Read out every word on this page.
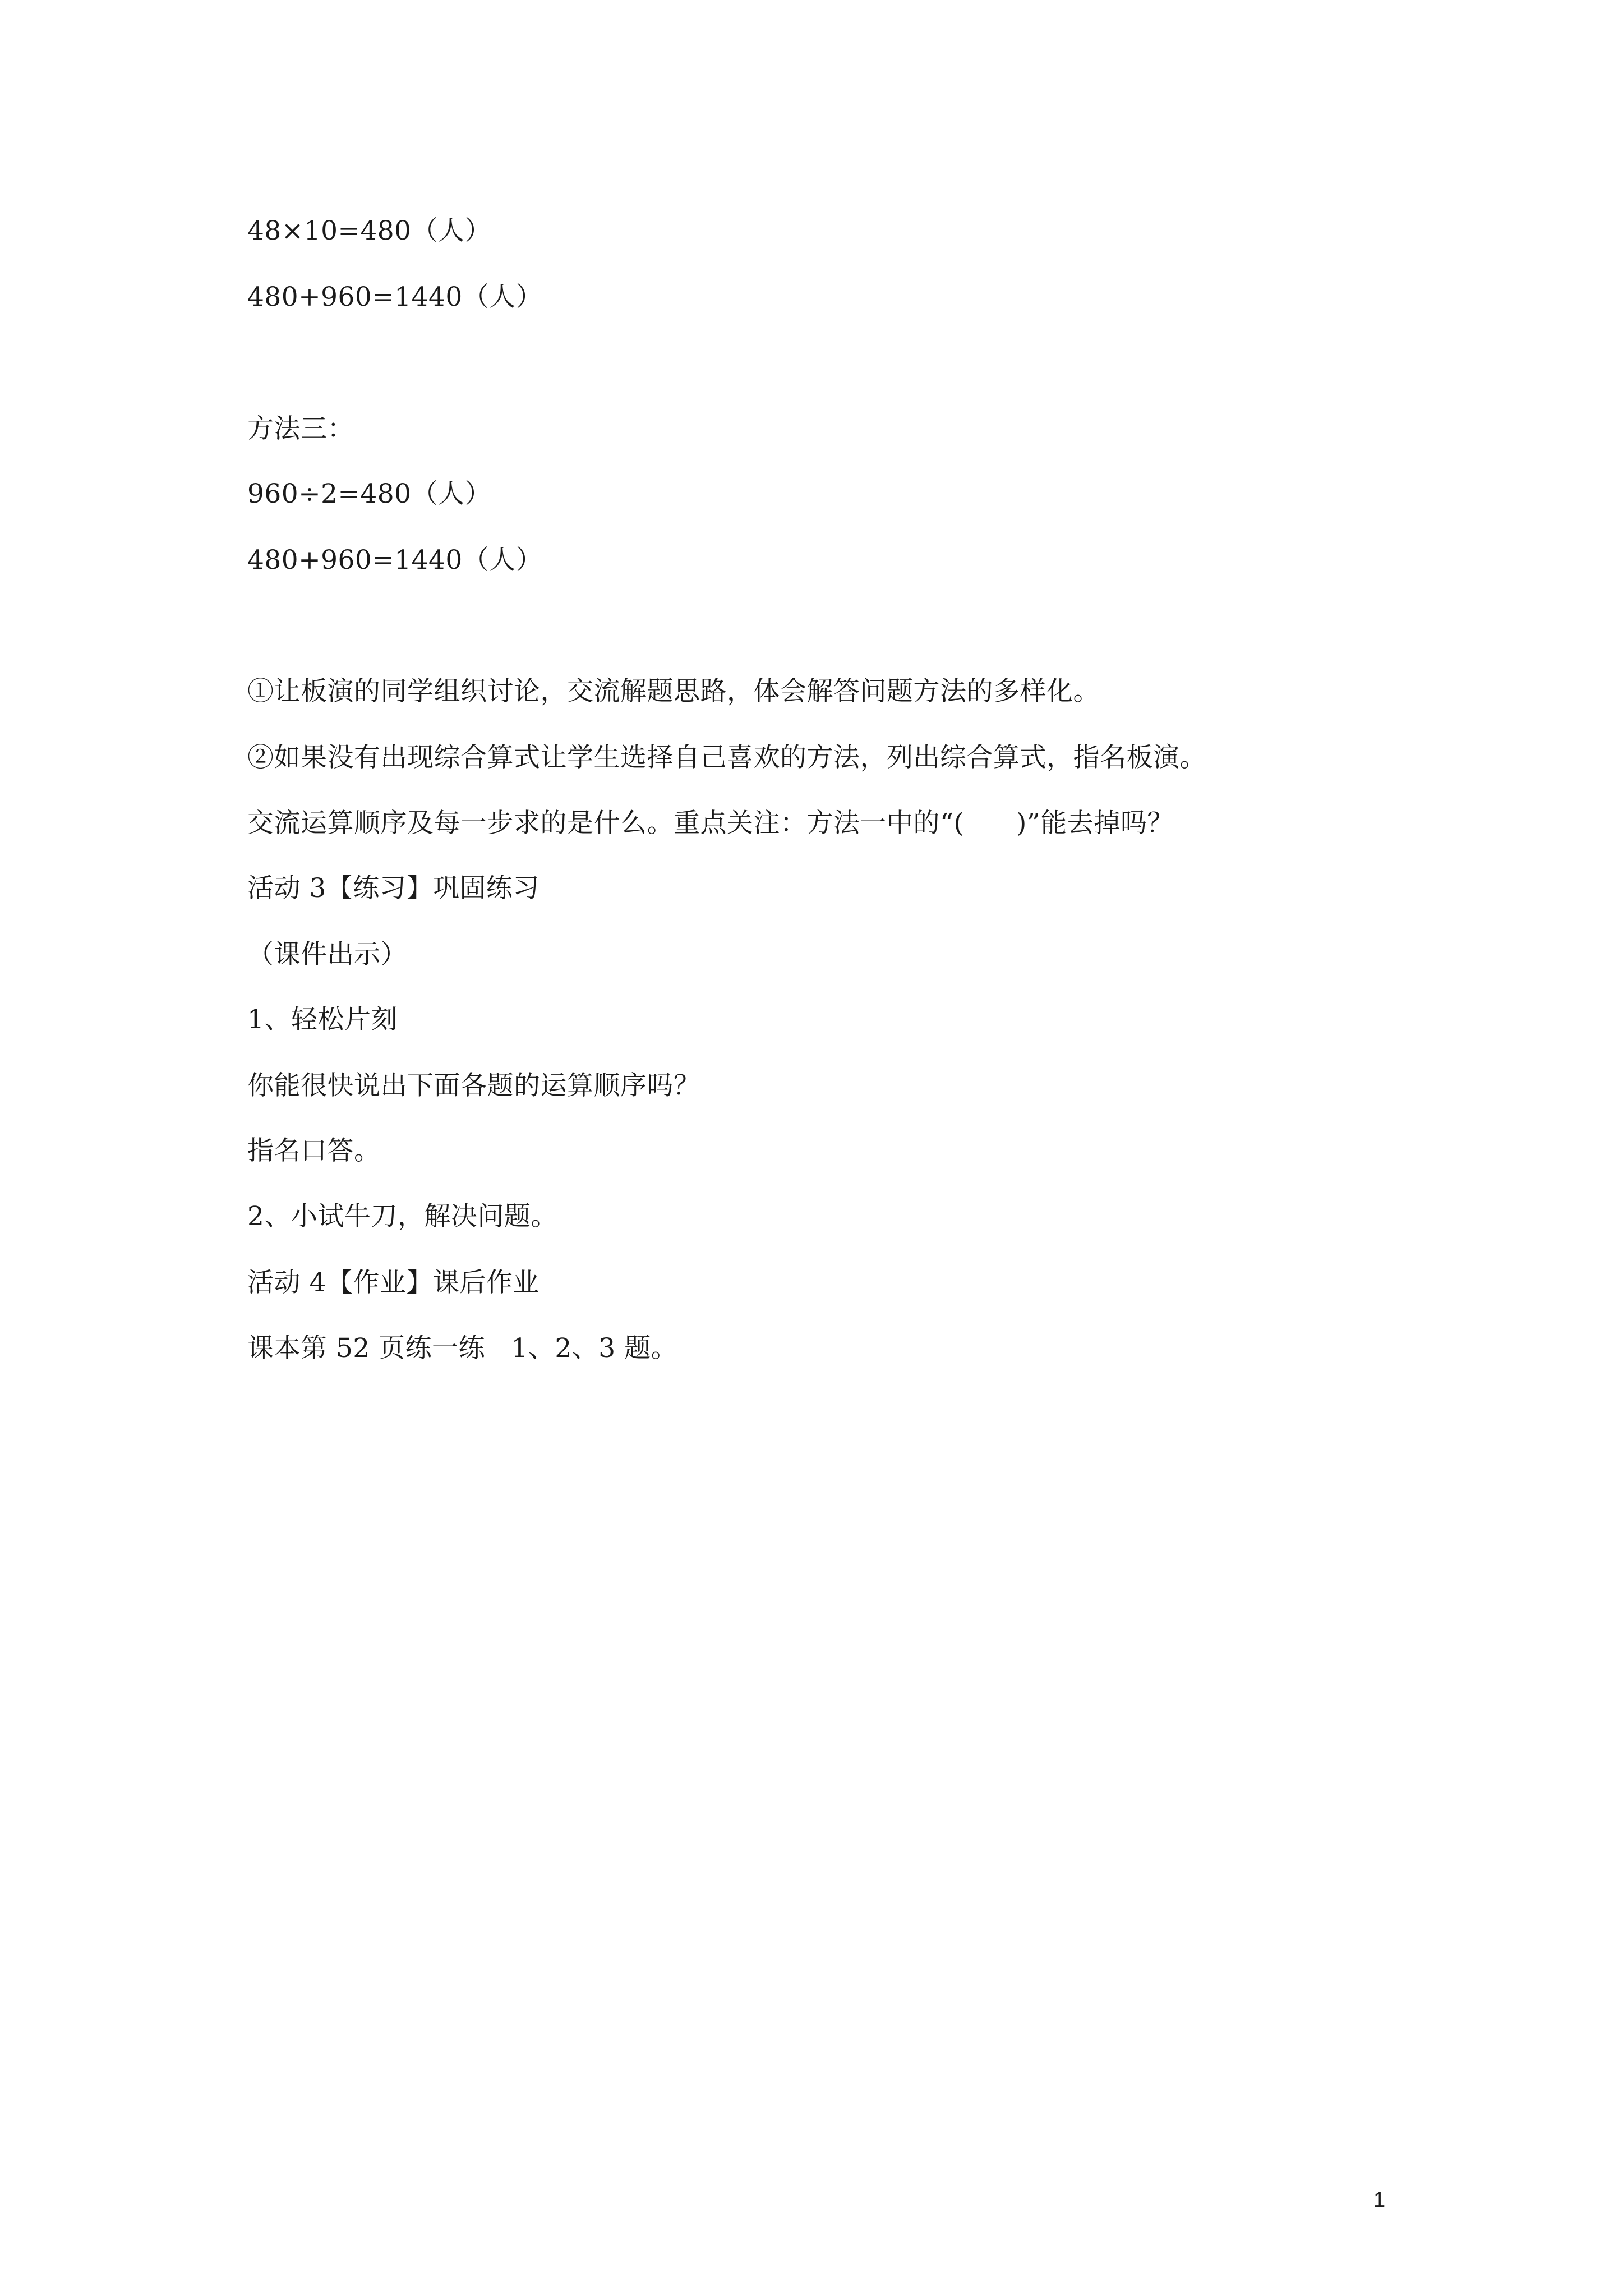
48×10=480（人）
480+960=1440（人）
方法三：
960÷2=480（人）
480+960=1440（人）
①让板演的同学组织讨论，交流解题思路，体会解答问题方法的多样化。
②如果没有出现综合算式让学生选择自己喜欢的方法，列出综合算式，指名板演。
交流运算顺序及每一步求的是什么。重点关注：方法一中的“(      )”能去掉吗？
活动 3【练习】巩固练习
（课件出示）
1、轻松片刻
你能很快说出下面各题的运算顺序吗？
指名口答。
2、小试牛刀，解决问题。
活动 4【作业】课后作业
课本第 52 页练一练   1、2、3 题。
1
